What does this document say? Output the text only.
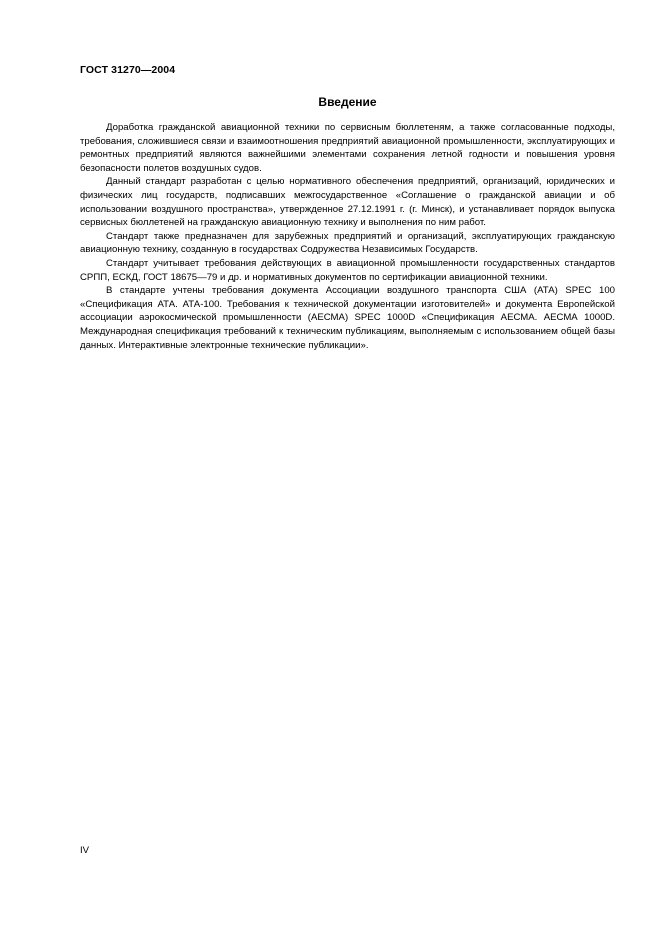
ГОСТ 31270—2004
Введение

Доработка гражданской авиационной техники по сервисным бюллетеням, а также согласованные подходы, требования, сложившиеся связи и взаимоотношения предприятий авиационной промышленности, эксплуатирующих и ремонтных предприятий являются важнейшими элементами сохранения летной годности и повышения уровня безопасности полетов воздушных судов.

Данный стандарт разработан с целью нормативного обеспечения предприятий, организаций, юридических и физических лиц государств, подписавших межгосударственное «Соглашение о гражданской авиации и об использовании воздушного пространства», утвержденное 27.12.1991 г. (г. Минск), и устанавливает порядок выпуска сервисных бюллетеней на гражданскую авиационную технику и выполнения по ним работ.

Стандарт также предназначен для зарубежных предприятий и организаций, эксплуатирующих гражданскую авиационную технику, созданную в государствах Содружества Независимых Государств.

Стандарт учитывает требования действующих в авиационной промышленности государственных стандартов СРПП, ЕСКД, ГОСТ 18675—79 и др. и нормативных документов по сертификации авиационной техники.

В стандарте учтены требования документа Ассоциации воздушного транспорта США (АТА) SPEC 100 «Спецификация АТА. АТА-100. Требования к технической документации изготовителей» и документа Европейской ассоциации аэрокосмической промышленности (АЕСМА) SPEC 1000D «Спецификация АЕСМА. АЕСМА 1000D. Международная спецификация требований к техническим публикациям, выполняемым с использованием общей базы данных. Интерактивные электронные технические публикации».

IV
